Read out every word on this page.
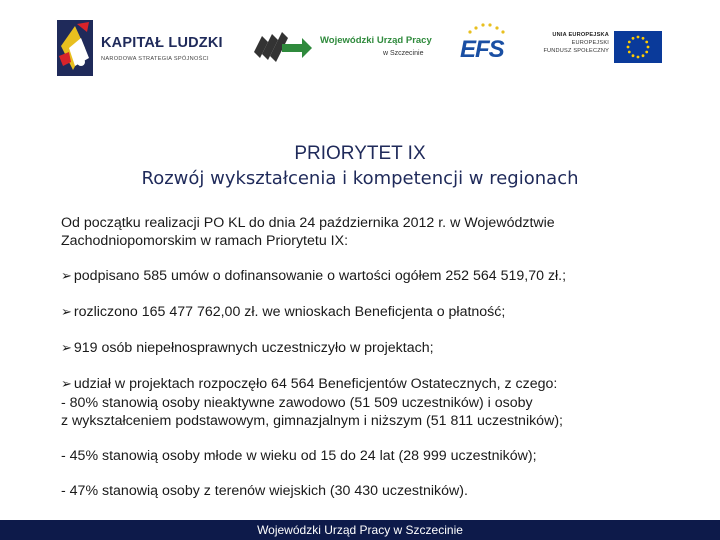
KAPITAŁ LUDZKI
NARODOWA STRATEGIA SPÓJNOŚCI
Wojewódzki Urząd Pracy
w Szczecinie EFS
UNIA EUROPEJSKA
EUROPEJSKI
FUNDUSZ SPOŁECZNY
PRIORYTET IX
Rozwój wykształcenia i kompetencji w regionach

Od początku realizacji PO KL do dnia 24 października 2012 r. w Województwie

Zachodniopomorskim w ramach Priorytetu IX:

➢ podpisano 585 umów o dofinansowanie o wartości ogółem 252 564 519,70 zł.;

➢ rozliczono 165 477 762,00 zł. we wnioskach Beneficjenta o płatność;

➢ 919 osób niepełnosprawnych uczestniczyło w projektach;

➢ udział w projektach rozpoczęło 64 564 Beneficjentów Ostatecznych, z czego:

- 80% stanowią osoby nieaktywne zawodowo (51 509 uczestników) i osoby

z wykształceniem podstawowym, gimnazjalnym i niższym (51 811 uczestników);

- 45% stanowią osoby młode w wieku od 15 do 24 lat (28 999 uczestników);

- 47% stanowią osoby z terenów wiejskich (30 430 uczestników).

Wojewódzki Urząd Pracy w Szczecinie
